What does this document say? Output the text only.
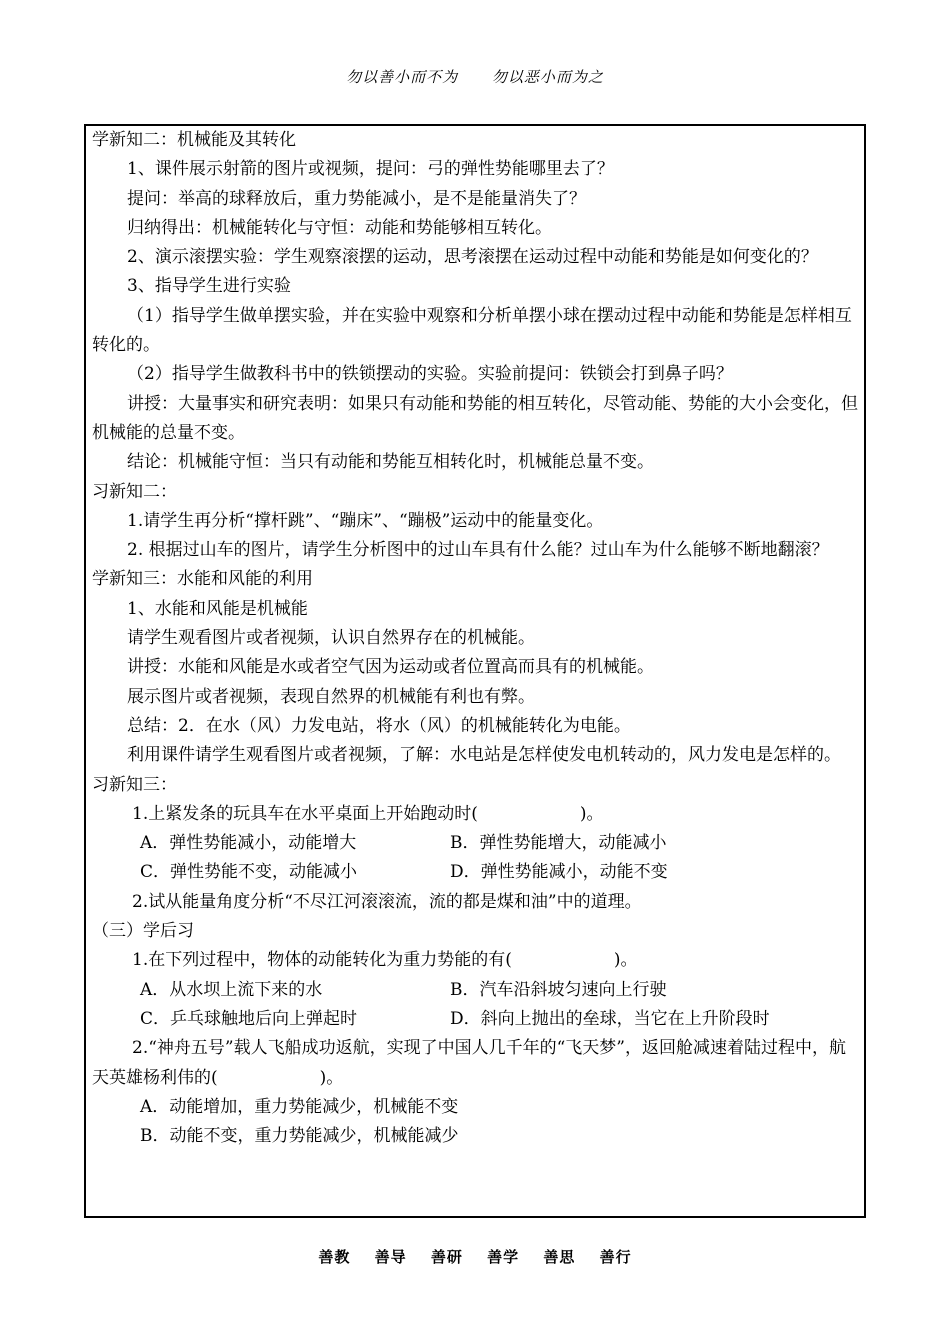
勿以善小而不为 勿以恶小而为之
学新知二：机械能及其转化
1、课件展示射箭的图片或视频，提问：弓的弹性势能哪里去了？
提问：举高的球释放后，重力势能减小，是不是能量消失了？
归纳得出：机械能转化与守恒：动能和势能够相互转化。
2、演示滚摆实验：学生观察滚摆的运动，思考滚摆在运动过程中动能和势能是如何变化的？
3、指导学生进行实验
（1）指导学生做单摆实验，并在实验中观察和分析单摆小球在摆动过程中动能和势能是怎样相互转化的。
（2）指导学生做教科书中的铁锁摆动的实验。实验前提问：铁锁会打到鼻子吗？
讲授：大量事实和研究表明：如果只有动能和势能的相互转化，尽管动能、势能的大小会变化，但机械能的总量不变。
结论：机械能守恒：当只有动能和势能互相转化时，机械能总量不变。
习新知二：
1.请学生再分析“撑杆跳”、“蹦床”、“蹦极”运动中的能量变化。
2. 根据过山车的图片，请学生分析图中的过山车具有什么能？过山车为什么能够不断地翻滚？
学新知三：水能和风能的利用
1、水能和风能是机械能
请学生观看图片或者视频，认识自然界存在的机械能。
讲授：水能和风能是水或者空气因为运动或者位置高而具有的机械能。
展示图片或者视频，表现自然界的机械能有利也有弊。
总结：2．在水（风）力发电站，将水（风）的机械能转化为电能。
利用课件请学生观看图片或者视频，了解：水电站是怎样使发电机转动的，风力发电是怎样的。
习新知三：
1.上紧发条的玩具车在水平桌面上开始跑动时(　　　　　　)。
A．弹性势能减小，动能增大	B．弹性势能增大，动能减小
C．弹性势能不变，动能减小	D．弹性势能减小，动能不变
2.试从能量角度分析“不尽江河滚滚流，流的都是煤和油”中的道理。
（三）学后习
1.在下列过程中，物体的动能转化为重力势能的有(　　　　　　)。
A．从水坝上流下来的水	B．汽车沿斜坡匀速向上行驶
C．乒乓球触地后向上弹起时	D．斜向上抛出的垒球，当它在上升阶段时
2.“神舟五号”载人飞船成功返航，实现了中国人几千年的“飞天梦”，返回舱减速着陆过程中，航天英雄杨利伟的(　　　　　　)。
A．动能增加，重力势能减少，机械能不变
B．动能不变，重力势能减少，机械能减少
善教 善导 善研 善学 善思 善行
